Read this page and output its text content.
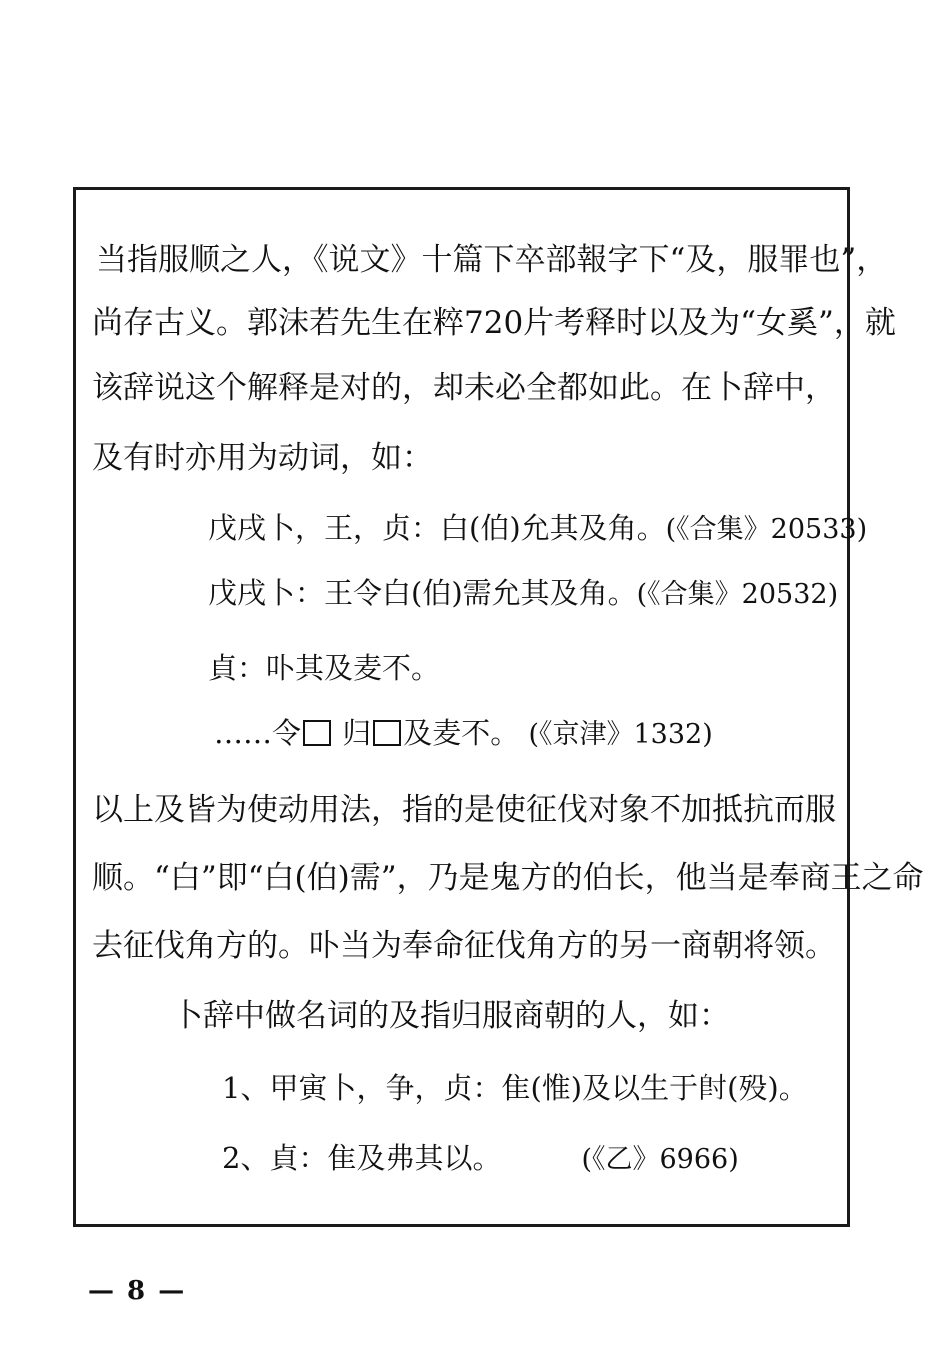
当指服顺之人，《说文》十篇下卒部報字下“及，服罪也”，
尚存古义。郭沫若先生在粹720片考释时以及为“女奚”，就
该辞说这个解释是对的，却未必全都如此。在卜辞中，
及有时亦用为动词，如：
戊戌卜，王，贞：白(伯)允其及角。(《合集》20533)
戊戌卜：王令白(伯)需允其及角。(《合集》20532)
貞：卟其及麦不。
……令 归 及麦不。 (《京津》1332)
以上及皆为使动用法，指的是使征伐对象不加抵抗而服
顺。“白”即“白(伯)需”，乃是鬼方的伯长，他当是奉商王之命
去征伐角方的。卟当为奉命征伐角方的另一商朝将领。
卜辞中做名词的及指归服商朝的人，如：
1、甲寅卜，争，贞：隹(惟)及以生于𡬠(殁)。
2、貞：隹及弗其以。	(《乙》6966)
— 8 —
